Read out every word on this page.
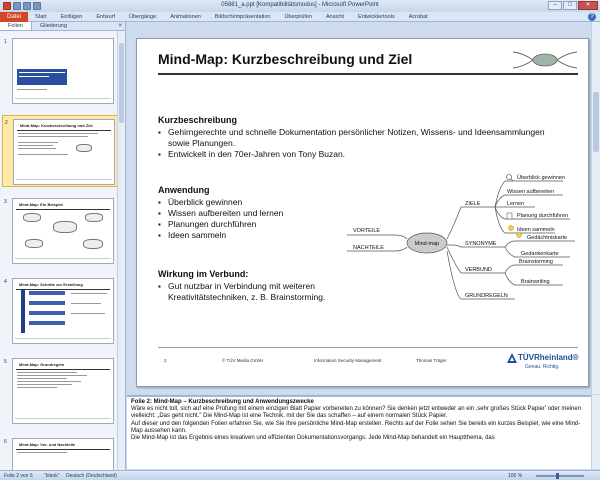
05881_a.ppt [Kompatibilitätsmodus] - Microsoft PowerPoint	–	□	✕
Datei	Start	Einfügen	Entwurf	Übergänge	Animationen	Bildschirmpräsentation	Überprüfen	Ansicht	Entwicklertools	Acrobat	?
Folien	Gliederung	×
1
2	Mind-Map: Kurzbeschreibung und Ziel
3	Mind-Map: Ein Beispiel
4	Mind-Map: Schritte zur Erstellung
5	Mind-Map: Grundregeln
6	Mind-Map: Vor- und Nachteile
Mind-Map: Kurzbeschreibung und Ziel
Kurzbeschreibung
▪ Gehirngerechte und schnelle Dokumentation persönlicher Notizen, Wissens- und Ideensammlungen sowie Planungen.
▪ Entwickelt in den 70er-Jahren von Tony Buzan.
Anwendung
▪ Überblick gewinnen
▪ Wissen aufbereiten und lernen
▪ Planungen durchführen
▪ Ideen sammeln
Wirkung im Verbund:
▪ Gut nutzbar in Verbindung mit weiteren Kreativitätstechniken, z. B. Brainstorming.
Mind-map
VORTEILE
NACHTEILE
ZIELE
Überblick gewinnen
Wissen aufbereiten
Lernen
Planung durchführen
Ideen sammeln
SYNONYME
Gedächtniskarte
Gedankenkarte
VERBUND
Brainstorming
Brainwriting
GRUNDREGELN
2	© TÜV Media GmbH	Information Security Management	Thomas Träger	TÜVRheinland®
Genau. Richtig.
Folie 2: Mind-Map – Kurzbeschreibung und Anwendungszwecke
Wäre es nicht toll, sich auf eine Prüfung mit einem einzigen Blatt Papier vorbereiten zu können? Sie denken jetzt entweder an ein ‚sehr großes Stück Papier' oder meinen vielleicht: „Das geht nicht." Die Mind-Map ist eine Technik, mit der Sie das schaffen – auf einem normalen Stück Papier.
Auf dieser und den folgenden Folien erfahren Sie, wie Sie Ihre persönliche Mind-Map erstellen. Rechts auf der Folie sehen Sie bereits ein kurzes Beispiel, wie eine Mind-Map aussehen kann.
Die Mind-Map ist das Ergebnis eines kreativen und effizienten Dokumentationsvorgangs. Jede Mind-Map behandelt ein Hauptthema, das
Folie 2 von 6 "blank" Deutsch (Deutschland)	100 %
